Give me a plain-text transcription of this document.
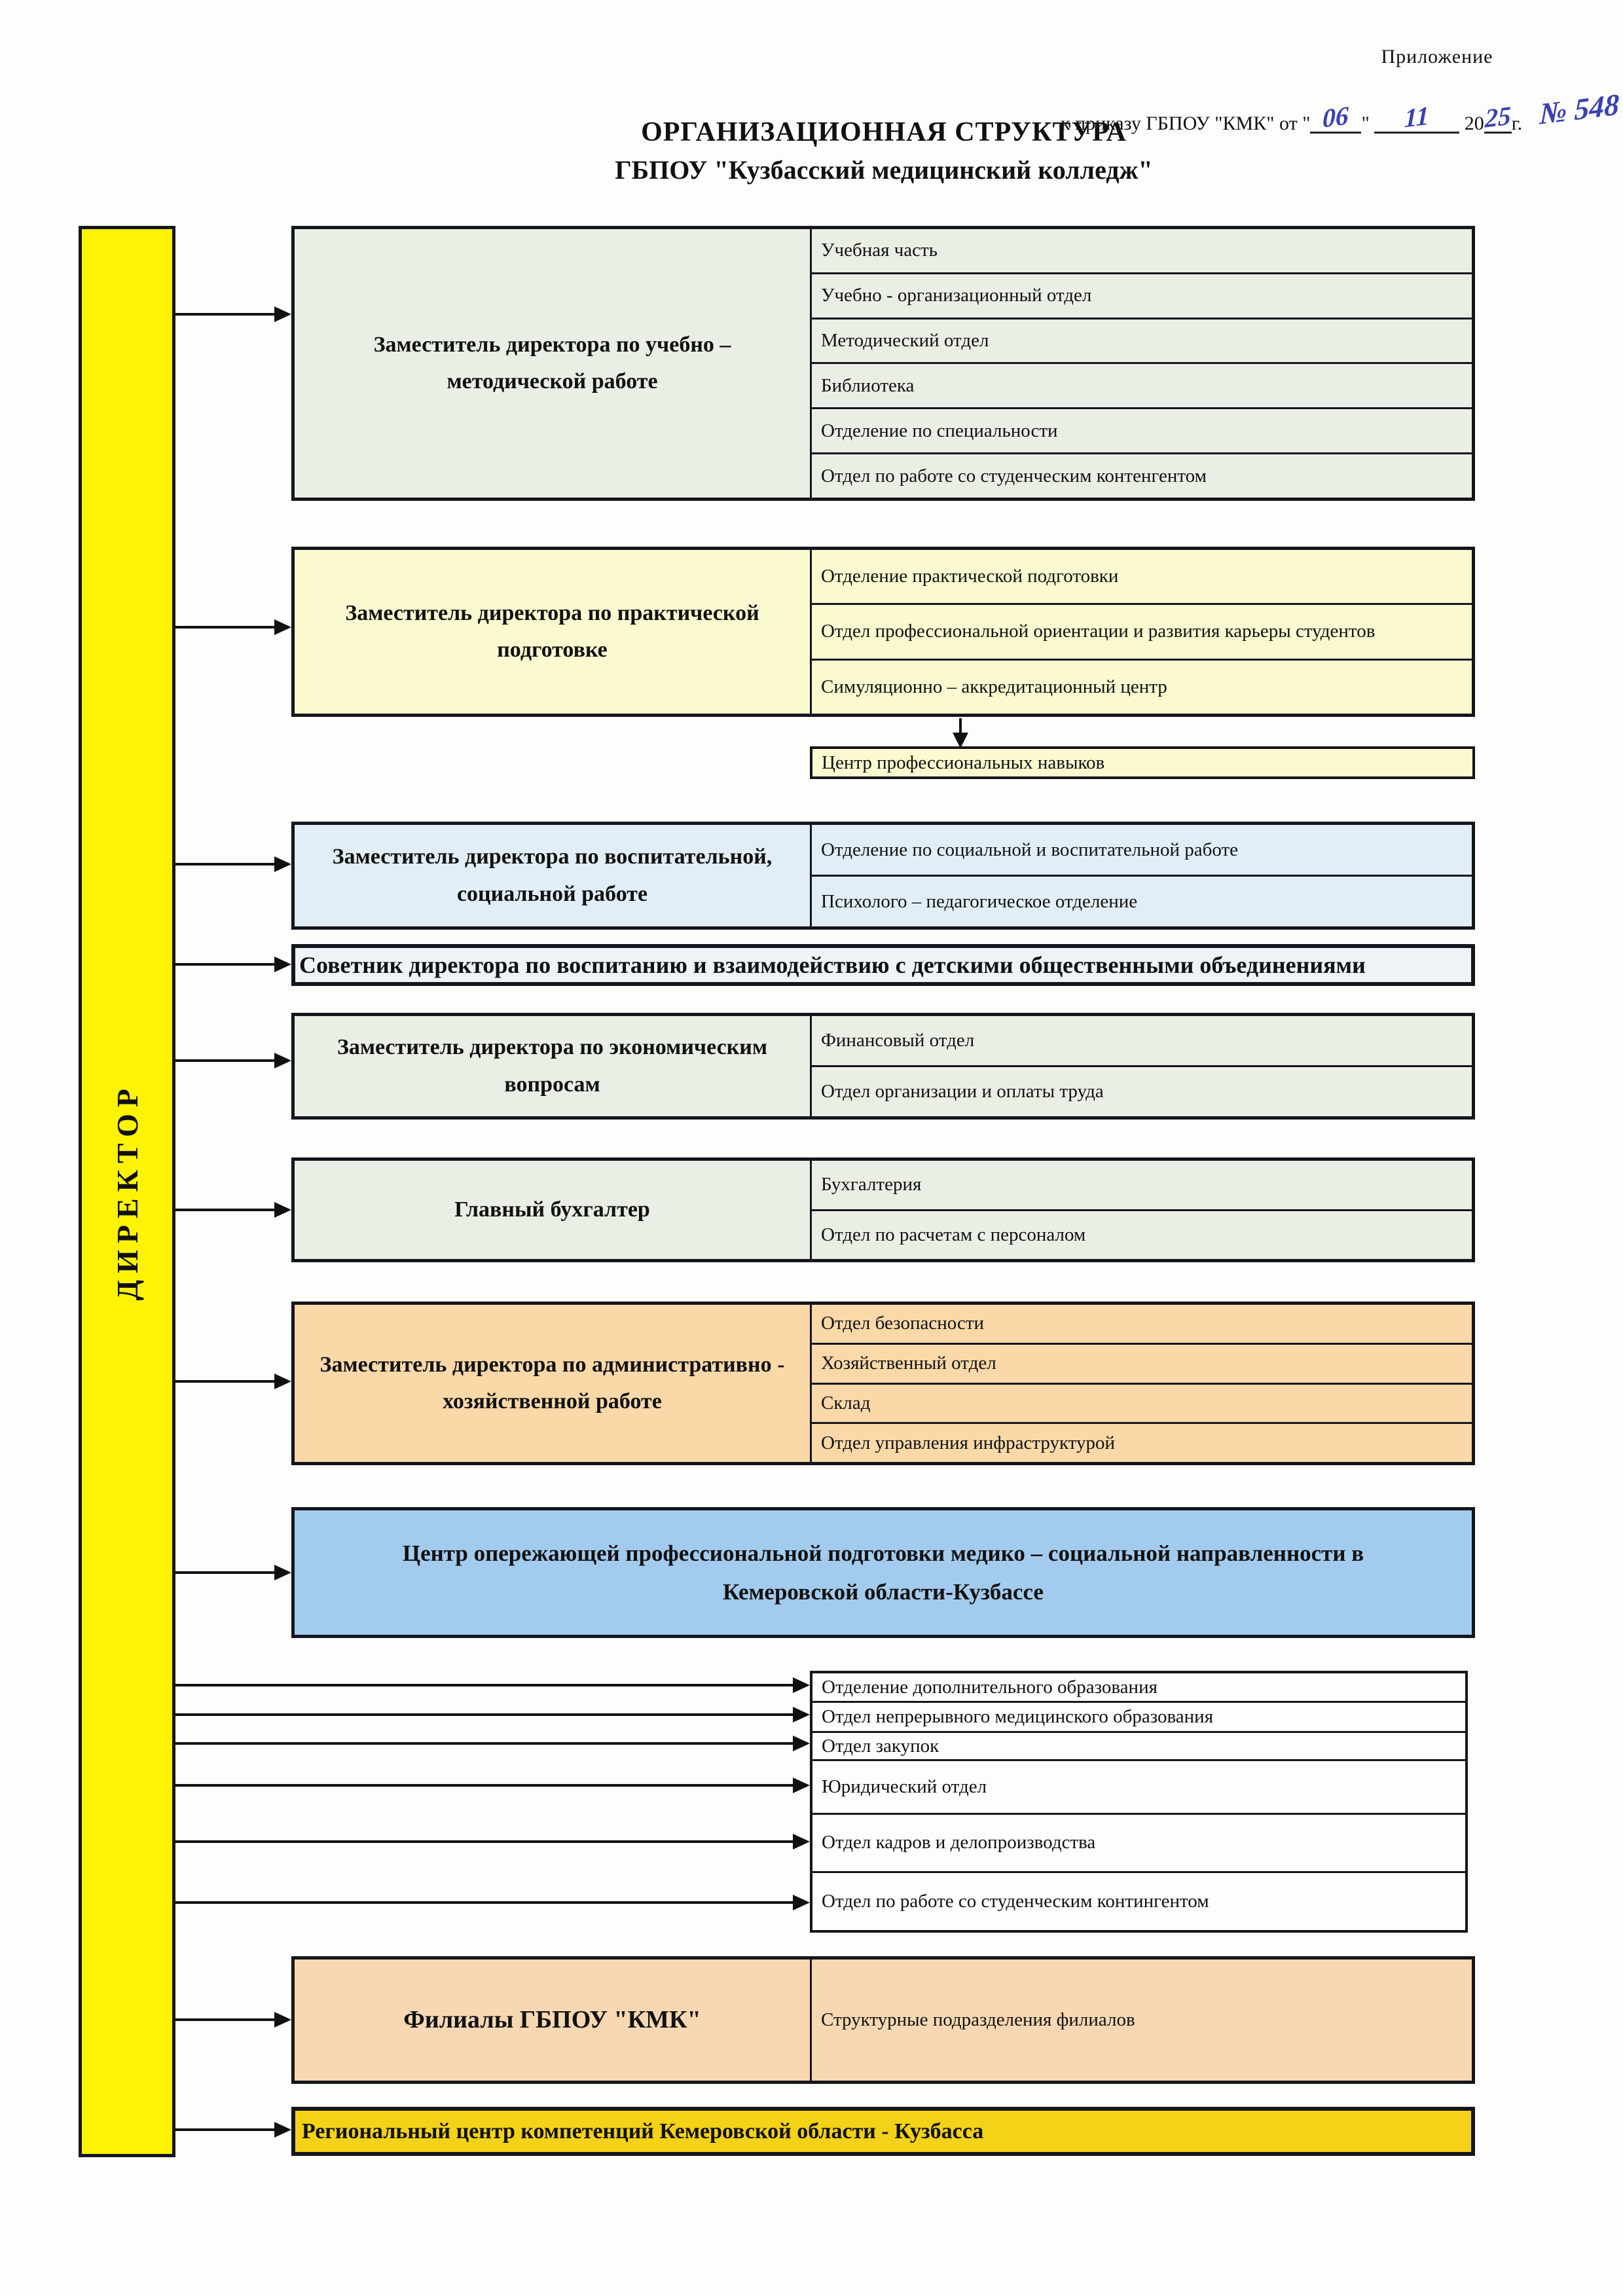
Приложение
к приказу ГБПОУ "КМК" от " 06 " 11 2025г. № 548
ОРГАНИЗАЦИОННАЯ СТРУКТУРА
ГБПОУ "Кузбасский медицинский колледж"
ДИРЕКТОР
Заместитель директора по учебно – методической работе
Учебная часть
Учебно - организационный отдел
Методический отдел
Библиотека
Отделение по специальности
Отдел по работе со студенческим контенгентом
Заместитель директора по практической подготовке
Отделение практической подготовки
Отдел профессиональной ориентации и развития карьеры студентов
Симуляционно – аккредитационный центр
Центр профессиональных навыков
Заместитель директора по воспитательной, социальной работе
Отделение по социальной и воспитательной работе
Психолого – педагогическое отделение
Советник директора по воспитанию и взаимодействию с детскими общественными объединениями
Заместитель директора по экономическим вопросам
Финансовый отдел
Отдел организации и оплаты труда
Главный бухгалтер
Бухгалтерия
Отдел по расчетам с персоналом
Заместитель директора по административно - хозяйственной работе
Отдел безопасности
Хозяйственный отдел
Склад
Отдел управления инфраструктурой
Центр опережающей профессиональной подготовки медико – социальной направленности в Кемеровской области-Кузбассе
Отделение дополнительного образования
Отдел непрерывного медицинского образования
Отдел закупок
Юридический отдел
Отдел кадров и делопроизводства
Отдел по работе со студенческим контингентом
Филиалы ГБПОУ "КМК"	Структурные подразделения филиалов
Региональный центр компетенций Кемеровской области - Кузбасса
